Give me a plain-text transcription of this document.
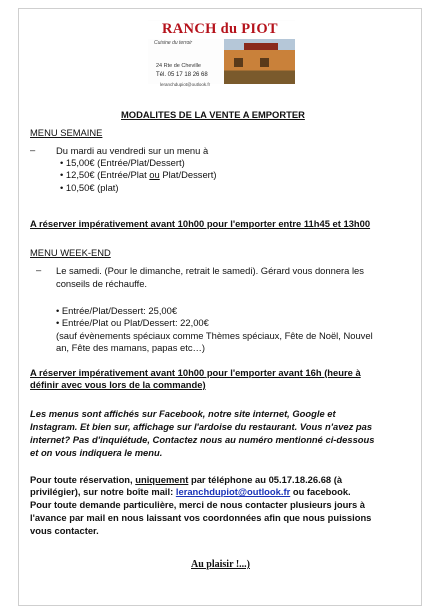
RANCH du PIOT
Cuisine du terroir
24 Rte de Cheville
Tél. 05 17 18 26 68
leranchdupiot@outlook.fr
MODALITES DE LA VENTE A EMPORTER
MENU SEMAINE
– Du mardi au vendredi sur un menu à
• 15,00€ (Entrée/Plat/Dessert)
• 12,50€ (Entrée/Plat ou Plat/Dessert)
• 10,50€ (plat)
A réserver impérativement avant 10h00 pour l'emporter entre 11h45 et 13h00
MENU WEEK-END
– Le samedi. (Pour le dimanche, retrait le samedi). Gérard vous donnera les
conseils de réchauffe.
• Entrée/Plat/Dessert: 25,00€
• Entrée/Plat ou Plat/Dessert: 22,00€
(sauf évènements spéciaux comme Thèmes spéciaux, Fête de Noël, Nouvel
an, Fête des mamans, papas etc…)
A réserver impérativement avant 10h00 pour l'emporter avant 16h (heure à
définir avec vous lors de la commande)
Les menus sont affichés sur Facebook, notre site internet, Google et
Instagram. Et bien sur, affichage sur l'ardoise du restaurant. Vous n'avez pas
internet? Pas d'inquiétude, Contactez nous au numéro mentionné ci-dessous
et on vous indiquera le menu.
Pour toute réservation, uniquement par téléphone au 05.17.18.26.68 (à
privilégier), sur notre boîte mail: leranchdupiot@outlook.fr ou facebook.
Pour toute demande particulière, merci de nous contacter plusieurs jours à
l'avance par mail en nous laissant vos coordonnées afin que nous puissions
vous contacter.
Au plaisir !...)
